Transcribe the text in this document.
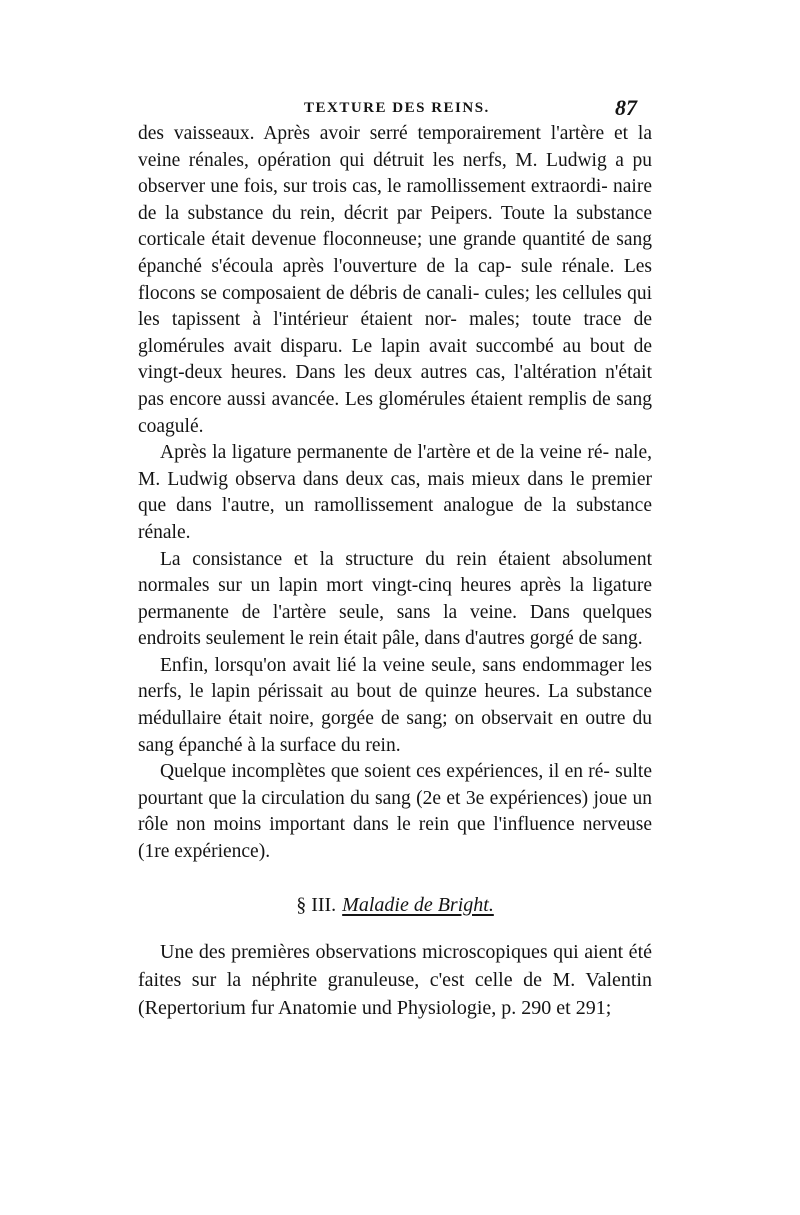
TEXTURE DES REINS.	87

des vaisseaux. Après avoir serré temporairement l'artère et la veine rénales, opération qui détruit les nerfs, M. Ludwig a pu observer une fois, sur trois cas, le ramollissement extraordi- naire de la substance du rein, décrit par Peipers. Toute la substance corticale était devenue floconneuse; une grande quantité de sang épanché s'écoula après l'ouverture de la cap- sule rénale. Les flocons se composaient de débris de canali- cules; les cellules qui les tapissent à l'intérieur étaient nor- males; toute trace de glomérules avait disparu. Le lapin avait succombé au bout de vingt-deux heures. Dans les deux autres cas, l'altération n'était pas encore aussi avancée. Les glomérules étaient remplis de sang coagulé.

Après la ligature permanente de l'artère et de la veine ré- nale, M. Ludwig observa dans deux cas, mais mieux dans le premier que dans l'autre, un ramollissement analogue de la substance rénale.

La consistance et la structure du rein étaient absolument normales sur un lapin mort vingt-cinq heures après la ligature permanente de l'artère seule, sans la veine. Dans quelques endroits seulement le rein était pâle, dans d'autres gorgé de sang.

Enfin, lorsqu'on avait lié la veine seule, sans endommager les nerfs, le lapin périssait au bout de quinze heures. La substance médullaire était noire, gorgée de sang; on observait en outre du sang épanché à la surface du rein.

Quelque incomplètes que soient ces expériences, il en ré- sulte pourtant que la circulation du sang (2e et 3e expériences) joue un rôle non moins important dans le rein que l'influence nerveuse (1re expérience).

§ III. Maladie de Bright.

Une des premières observations microscopiques qui aient été faites sur la néphrite granuleuse, c'est celle de M. Valentin (Repertorium fur Anatomie und Physiologie, p. 290 et 291;
